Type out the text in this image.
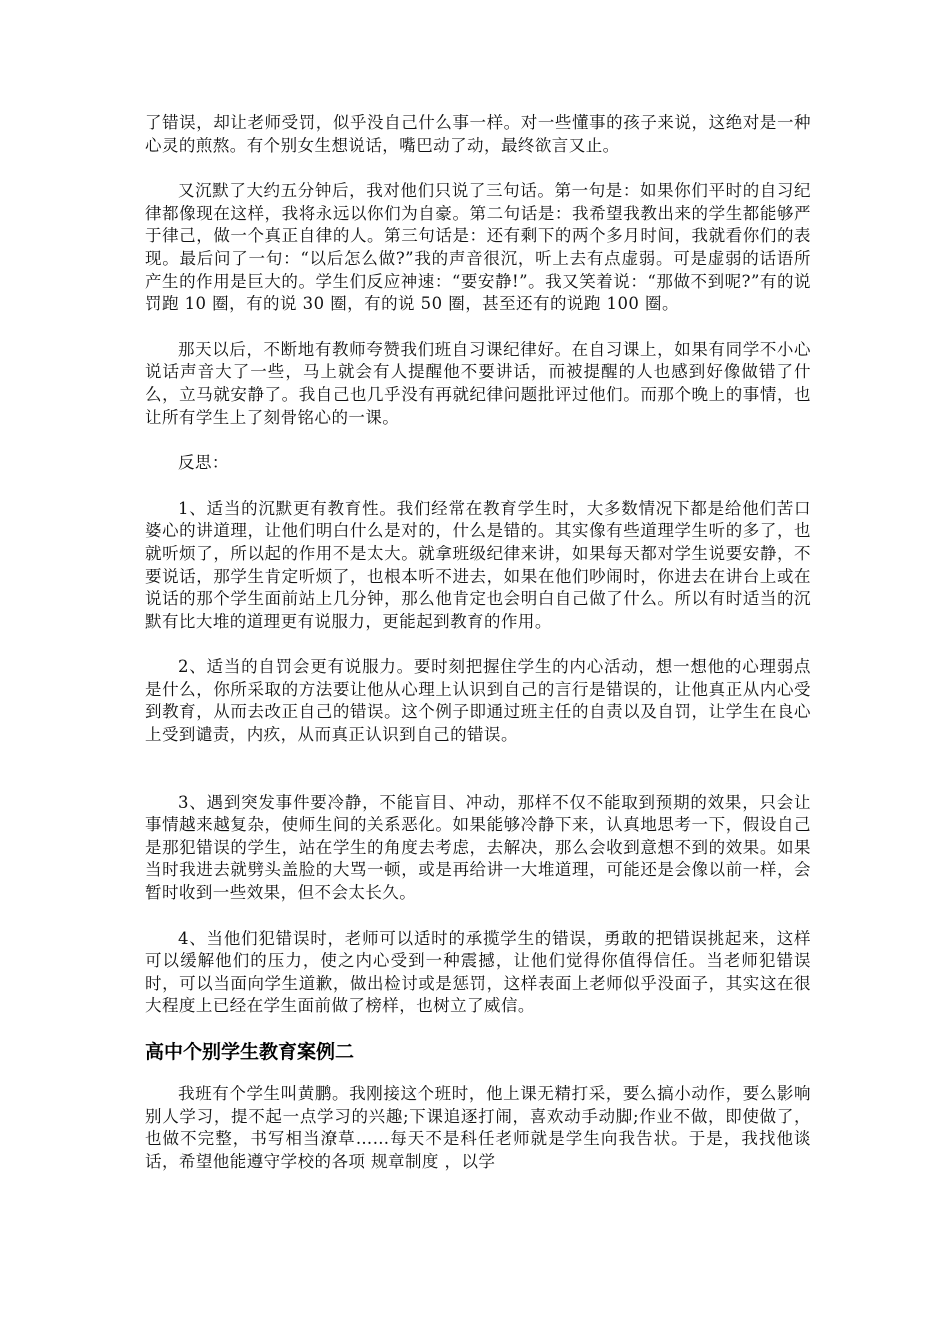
了错误，却让老师受罚，似乎没自己什么事一样。对一些懂事的孩子来说，这绝对是一种心灵的煎熬。有个别女生想说话，嘴巴动了动，最终欲言又止。

又沉默了大约五分钟后，我对他们只说了三句话。第一句是：如果你们平时的自习纪律都像现在这样，我将永远以你们为自豪。第二句话是：我希望我教出来的学生都能够严于律己，做一个真正自律的人。第三句话是：还有剩下的两个多月时间，我就看你们的表现。最后问了一句：“以后怎么做?”我的声音很沉，听上去有点虚弱。可是虚弱的话语所产生的作用是巨大的。学生们反应神速：“要安静!”。我又笑着说：“那做不到呢?”有的说罚跑 10 圈，有的说 30 圈，有的说 50 圈，甚至还有的说跑 100 圈。

那天以后，不断地有教师夸赞我们班自习课纪律好。在自习课上，如果有同学不小心说话声音大了一些，马上就会有人提醒他不要讲话，而被提醒的人也感到好像做错了什么，立马就安静了。我自己也几乎没有再就纪律问题批评过他们。而那个晚上的事情，也让所有学生上了刻骨铭心的一课。

反思：

1、适当的沉默更有教育性。我们经常在教育学生时，大多数情况下都是给他们苦口婆心的讲道理，让他们明白什么是对的，什么是错的。其实像有些道理学生听的多了，也就听烦了，所以起的作用不是太大。就拿班级纪律来讲，如果每天都对学生说要安静，不要说话，那学生肯定听烦了，也根本听不进去，如果在他们吵闹时，你进去在讲台上或在说话的那个学生面前站上几分钟，那么他肯定也会明白自己做了什么。所以有时适当的沉默有比大堆的道理更有说服力，更能起到教育的作用。

2、适当的自罚会更有说服力。要时刻把握住学生的内心活动，想一想他的心理弱点是什么，你所采取的方法要让他从心理上认识到自己的言行是错误的，让他真正从内心受到教育，从而去改正自己的错误。这个例子即通过班主任的自责以及自罚，让学生在良心上受到谴责，内疚，从而真正认识到自己的错误。

3、遇到突发事件要冷静，不能盲目、冲动，那样不仅不能取到预期的效果，只会让事情越来越复杂，使师生间的关系恶化。如果能够冷静下来，认真地思考一下，假设自己是那犯错误的学生，站在学生的角度去考虑，去解决，那么会收到意想不到的效果。如果当时我进去就劈头盖脸的大骂一顿，或是再给讲一大堆道理，可能还是会像以前一样，会暂时收到一些效果，但不会太长久。

4、当他们犯错误时，老师可以适时的承揽学生的错误，勇敢的把错误挑起来，这样可以缓解他们的压力，使之内心受到一种震撼，让他们觉得你值得信任。当老师犯错误时，可以当面向学生道歉，做出检讨或是惩罚，这样表面上老师似乎没面子，其实这在很大程度上已经在学生面前做了榜样，也树立了威信。

高中个别学生教育案例二

我班有个学生叫黄鹏。我刚接这个班时，他上课无精打采，要么搞小动作，要么影响别人学习，提不起一点学习的兴趣;下课追逐打闹，喜欢动手动脚;作业不做，即使做了，也做不完整，书写相当潦草……每天不是科任老师就是学生向我告状。于是，我找他谈话，希望他能遵守学校的各项 规章制度 ，以学
